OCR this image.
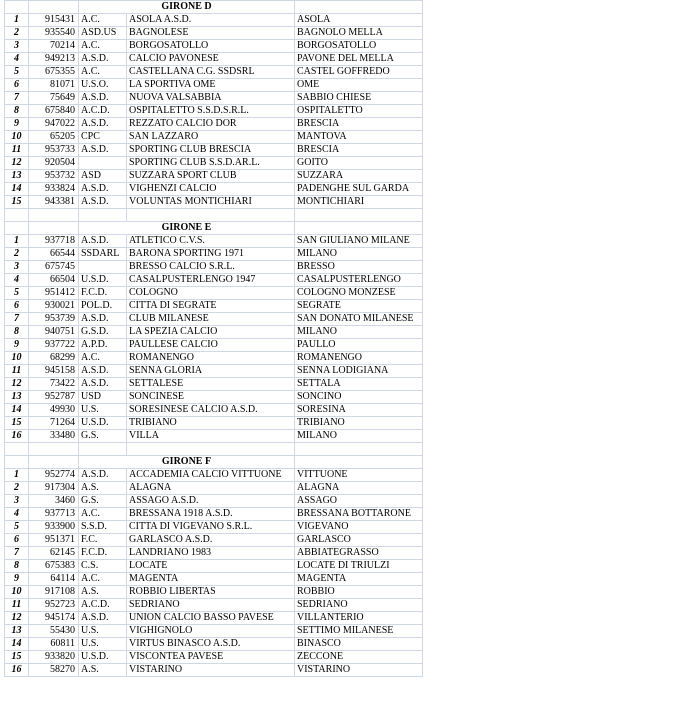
		GIRONE D		
1	915431	A.C.	ASOLA A.S.D.	ASOLA
2	935540	ASD.US	BAGNOLESE	BAGNOLO MELLA
3	70214	A.C.	BORGOSATOLLO	BORGOSATOLLO
4	949213	A.S.D.	CALCIO PAVONESE	PAVONE DEL MELLA
5	675355	A.C.	CASTELLANA C.G. SSDSRL	CASTEL GOFFREDO
6	81071	U.S.O.	LA SPORTIVA OME	OME
7	75649	A.S.D.	NUOVA VALSABBIA	SABBIO CHIESE
8	675840	A.C.D.	OSPITALETTO S.S.D.S.R.L.	OSPITALETTO
9	947022	A.S.D.	REZZATO CALCIO DOR	BRESCIA
10	65205	CPC	SAN LAZZARO	MANTOVA
11	953733	A.S.D.	SPORTING CLUB BRESCIA	BRESCIA
12	920504		SPORTING CLUB S.S.D.AR.L.	GOITO
13	953732	ASD	SUZZARA SPORT CLUB	SUZZARA
14	933824	A.S.D.	VIGHENZI CALCIO	PADENGHE SUL GARDA
15	943381	A.S.D.	VOLUNTAS MONTICHIARI	MONTICHIARI

		GIRONE E		
1	937718	A.S.D.	ATLETICO C.V.S.	SAN GIULIANO MILANE
2	66544	SSDARL	BARONA SPORTING 1971	MILANO
3	675745		BRESSO CALCIO S.R.L.	BRESSO
4	66504	U.S.D.	CASALPUSTERLENGO 1947	CASALPUSTERLENGO
5	951412	F.C.D.	COLOGNO	COLOGNO MONZESE
6	930021	POL.D.	CITTA DI SEGRATE	SEGRATE
7	953739	A.S.D.	CLUB MILANESE	SAN DONATO MILANESE
8	940751	G.S.D.	LA SPEZIA CALCIO	MILANO
9	937722	A.P.D.	PAULLESE CALCIO	PAULLO
10	68299	A.C.	ROMANENGO	ROMANENGO
11	945158	A.S.D.	SENNA GLORIA	SENNA LODIGIANA
12	73422	A.S.D.	SETTALESE	SETTALA
13	952787	USD	SONCINESE	SONCINO
14	49930	U.S.	SORESINESE CALCIO A.S.D.	SORESINA
15	71264	U.S.D.	TRIBIANO	TRIBIANO
16	33480	G.S.	VILLA	MILANO

		GIRONE F		
1	952774	A.S.D.	ACCADEMIA CALCIO VITTUONE	VITTUONE
2	917304	A.S.	ALAGNA	ALAGNA
3	3460	G.S.	ASSAGO A.S.D.	ASSAGO
4	937713	A.C.	BRESSANA 1918 A.S.D.	BRESSANA BOTTARONE
5	933900	S.S.D.	CITTA DI VIGEVANO S.R.L.	VIGEVANO
6	951371	F.C.	GARLASCO A.S.D.	GARLASCO
7	62145	F.C.D.	LANDRIANO 1983	ABBIATEGRASSO
8	675383	C.S.	LOCATE	LOCATE DI TRIULZI
9	64114	A.C.	MAGENTA	MAGENTA
10	917108	A.S.	ROBBIO LIBERTAS	ROBBIO
11	952723	A.C.D.	SEDRIANO	SEDRIANO
12	945174	A.S.D.	UNION CALCIO BASSO PAVESE	VILLANTERIO
13	55430	U.S.	VIGHIGNOLO	SETTIMO MILANESE
14	60811	U.S.	VIRTUS BINASCO A.S.D.	BINASCO
15	933820	U.S.D.	VISCONTEA PAVESE	ZECCONE
16	58270	A.S.	VISTARINO	VISTARINO
